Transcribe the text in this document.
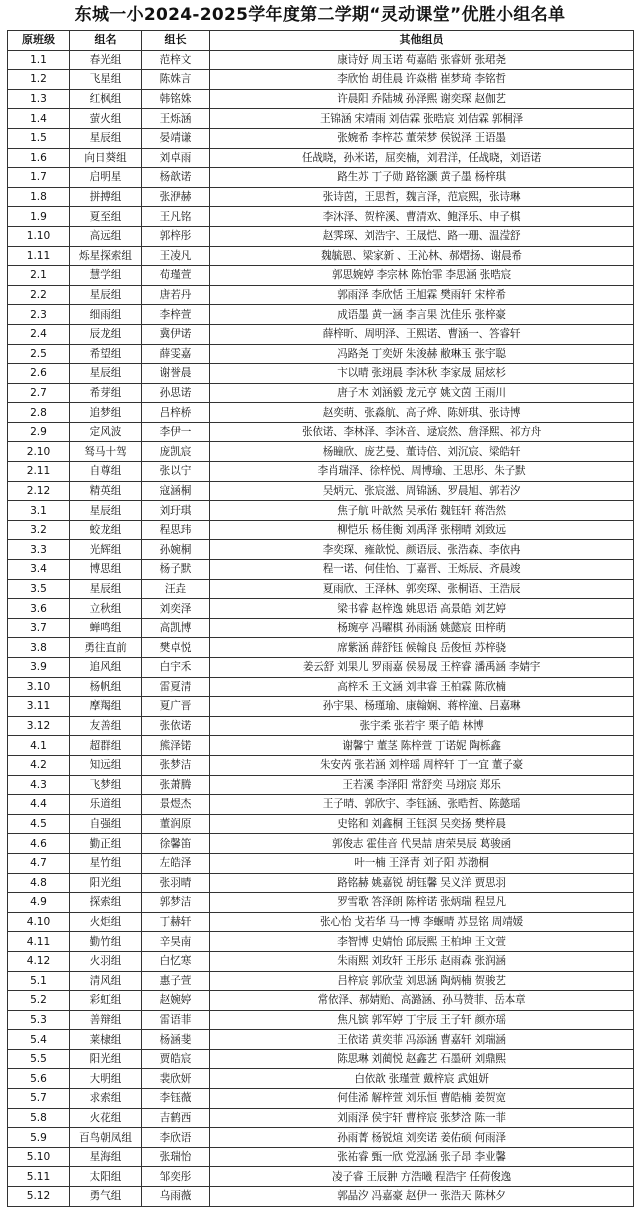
东城一小2024-2025学年度第二学期“灵动课堂”优胜小组名单
原班级	组名	组长	其他组员
1.1	春光组	范梓文	康诗妤 周玉诺 苟嘉皓 张睿妍 张珺尧
1.2	飞星组	陈姝言	李欣怡 胡佳晨 许焱楷 崔梦琦 李铭哲
1.3	红枫组	韩铭姝	许晨阳 乔陆城 孙泽熙 谢奕琛 赵伽艺
1.4	萤火组	王烁涵	王锦涵 宋靖雨 刘佶霖 张晧宸 刘佶霖 郭桐泽
1.5	星辰组	晏靖谦	张婉希 李梓芯 董荣梦 侯锐泽 王语墨
1.6	向日葵组	刘卓雨	任战晓，孙米诺，屈奕楠，刘君洋，任战晓，刘语诺
1.7	启明星	杨歆诺	路生苏 丁子勋 路铭灏 黄子墨 杨梓琪
1.8	拼搏组	张洢赫	张诗茵，王思哲，魏言泽，范宸熙，张诗琳
1.9	夏至组	王凡铭	李沐泽、贺梓溪、曹清欢、鲍泽乐、申子棋
1.10	高远组	郭梓彤	赵霁琛、刘浩宇、王晟恺、路一珊、温滢舒
1.11	烁星探索组	王凌凡	魏毓恩、梁家新 、王沁林、郝熠扬、谢晨希
2.1	慧学组	荀瑾萱	郭思婉婷 李宗林 陈怡霏 李思涵 张晧宸
2.2	星辰组	唐若丹	郭雨泽 李欣恬 王旭霖 樊雨轩 宋梓希
2.3	细雨组	李梓萱	成语墨 黄一涵 李言果 沈佳乐 张梓豪
2.4	辰龙组	冀伊诺	薛梓昕、周明泽、王熙诺、曹涵一、答睿轩
2.5	希望组	薛雯嘉	冯路尧 丁奕妍 朱浚赫 敝琳玉 张宇聪
2.6	星辰组	谢誉晨	卞以晴 张翊晨 李沐秋 李家晟 屈炫杉
2.7	希芽组	孙思诺	唐子木 刘涵毅 龙元亨 姚文茵 王雨川
2.8	追梦组	吕梓桥	赵奕萌、张淼航、高子烨、陈妍琪、张诗博
2.9	定风波	李伊一	张依诺、李林泽、李沐音、逯宸然、詹泽熙、祁方舟
2.10	驽马十驾	庞凯宸	杨瞳欣、庞艺曼、董诗倍、刘沉宸、梁皓轩
2.11	自尊组	张以宁	李肖瑞泽、徐梓悦、周博瑜、王思彤、朱子默
2.12	精英组	寇涵桐	吴炳元、张宸滋、周锦涵、罗晨旭、郭若汐
3.1	星辰组	刘玗琪	焦子航 叶歆然 吴承佑 魏钰轩 蒋浩然
3.2	蛟龙组	程思玮	柳恺乐 杨佳衡 刘禹泽 张栩晴 刘致远
3.3	光辉组	孙婉桐	李奕琛、雍歆悦、颜语辰、张浩森、李依冉
3.4	博思组	杨子默	程一诺、何佳怡、丁嘉晋、王烁辰、齐晨竣
3.5	星辰组	汪垚	夏雨欣、王泽林、郭奕琛、张桐语、王浩辰
3.6	立秋组	刘奕泽	梁书睿 赵梓逸 姚思语 高景皓 刘艺婷
3.7	蝉鸣组	高凯博	杨琬亭 冯曜棋 孙雨涵 姚懿宸 田梓萌
3.8	勇往直前	樊卓悦	席紫涵 薛舒钰 候翰良 岳俊恒 苏梓骁
3.9	追风组	白宇禾	姜云舒 刘果儿 罗雨嘉 侯易晟 王梓睿 潘禹涵 李婧宇
3.10	杨帆组	雷夏清	高梓禾 王文涵 刘聿睿 王柏霖 陈欣楠
3.11	摩羯组	夏广晋	孙宇果、杨瑾瑜、康翰娴、蒋梓潼、吕嘉琳
3.12	友善组	张依诺	张宇柔 张若宇 栗子皓 林博
4.1	超群组	熊泽锘	谢馨宁 董茎 陈梓萱 丁诺妮 陶栎鑫
4.2	知远组	张梦洁	朱安芮 张若涵 刘梓瑶 周梓轩 丁一宜 董子豪
4.3	飞梦组	张萧腾	王若溪 李泽阳 常舒奕 马翊宸 郑乐
4.4	乐道组	景煜杰	王子晴、郭欣宇、李钰涵、张晧哲、陈懿瑶
4.5	自强组	董润原	史铭和 刘鑫桐 王钰溟 吴奕扬 樊梓晨
4.6	勤正组	徐馨笛	郭俊志 霍佳音 代昊喆 唐荣昊辰 葛骏函
4.7	星竹组	左皓泽	叶一楠 王泽青 刘子阳 苏渤桐
4.8	阳光组	张羽晴	路铭赫 姚嘉锐 胡钰馨 吴义洋 贾思羽
4.9	探索组	郭梦洁	罗雪歌 答泽朗 陈梓诺 张炳瑞 程昱凡
4.10	火炬组	丁赫轩	张心怡 戈若华 马一博 李蝘晴 苏昱铭 周靖媛
4.11	勤竹组	辛昊南	李智博 史婧怡 邱辰熙 王柏坤 王文萱
4.12	火羽组	白忆寒	朱雨熙 刘玫轩 王彤乐 赵雨森 张润涵
5.1	清风组	惠子萱	吕梓宸 郭欣莹 刘思涵 陶炳楠 贺骏艺
5.2	彩虹组	赵婉婷	常依泽、郝婧贻、高潞涵、孙马赞菲、岳本章
5.3	善辩组	雷语菲	焦凡镔 郭军婷 丁宇辰 王子轩 颜亦瑶
5.4	莱棣组	杨涵斐	王依诺 黄奕菲 冯添涵 曹嘉轩 刘瑞涵
5.5	阳光组	贾皓宸	陈思琳 刘蔺悦 赵鑫艺 石墨研 刘鼎熙
5.6	大明组	裴欣妍	白依歆 张瑾萱 戴梓宸 武姐妍
5.7	求索组	李钰薇	何佳浠 解梓萱 刘乐恒 曹皓楠 姜贺宽
5.8	火花组	吉鹤西	刘雨泽 侯宇轩 曹梓宸 张梦浛 陈一菲
5.9	百鸟朝凤组	李欣语	孙雨菁 杨锐煊 刘奕诺 姜佑硕 何雨泽
5.10	星海组	张瑞怡	张祐睿 甄一欣 党泓涵 张子昂 李业馨
5.11	太阳组	邹奕彤	凌子睿 王辰翀 方浩曦 程浩宇 任荷俊逸
5.12	勇气组	乌雨薇	郭晶汐 冯嘉豪 赵伊一 张浩天 陈林夕
